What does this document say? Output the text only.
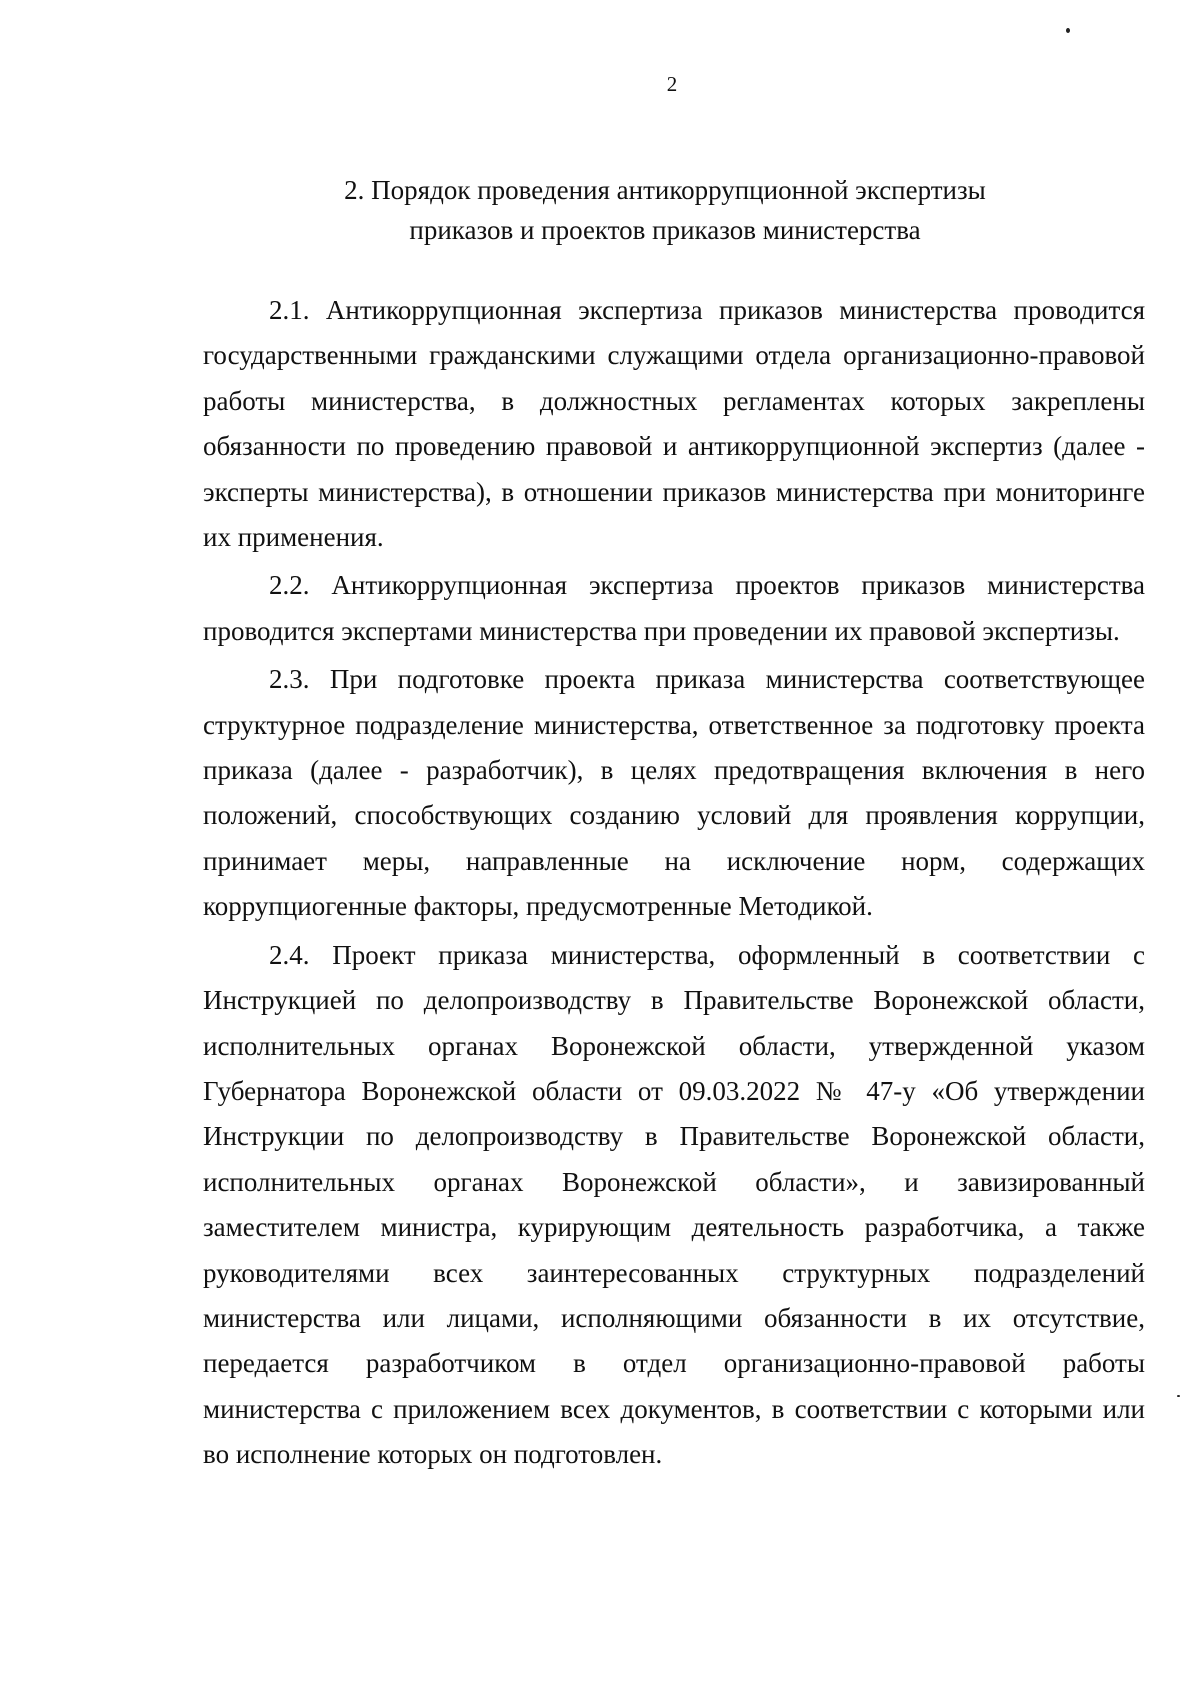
2
2. Порядок проведения антикоррупционной экспертизы
приказов и проектов приказов министерства

2.1. Антикоррупционная экспертиза приказов министерства проводится государственными гражданскими служащими отдела организационно-правовой работы министерства, в должностных регламентах которых закреплены обязанности по проведению правовой и антикоррупционной экспертиз (далее - эксперты министерства), в отношении приказов министерства при мониторинге их применения.

2.2. Антикоррупционная экспертиза проектов приказов министерства проводится экспертами министерства при проведении их правовой экспертизы.

2.3. При подготовке проекта приказа министерства соответствующее структурное подразделение министерства, ответственное за подготовку проекта приказа (далее - разработчик), в целях предотвращения включения в него положений, способствующих созданию условий для проявления коррупции, принимает меры, направленные на исключение норм, содержащих коррупциогенные факторы, предусмотренные Методикой.

2.4. Проект приказа министерства, оформленный в соответствии с Инструкцией по делопроизводству в Правительстве Воронежской области, исполнительных органах Воронежской области, утвержденной указом Губернатора Воронежской области от 09.03.2022 № 47-у «Об утверждении Инструкции по делопроизводству в Правительстве Воронежской области, исполнительных органах Воронежской области», и завизированный заместителем министра, курирующим деятельность разработчика, а также руководителями всех заинтересованных структурных подразделений министерства или лицами, исполняющими обязанности в их отсутствие, передается разработчиком в отдел организационно-правовой работы министерства с приложением всех документов, в соответствии с которыми или во исполнение которых он подготовлен.
